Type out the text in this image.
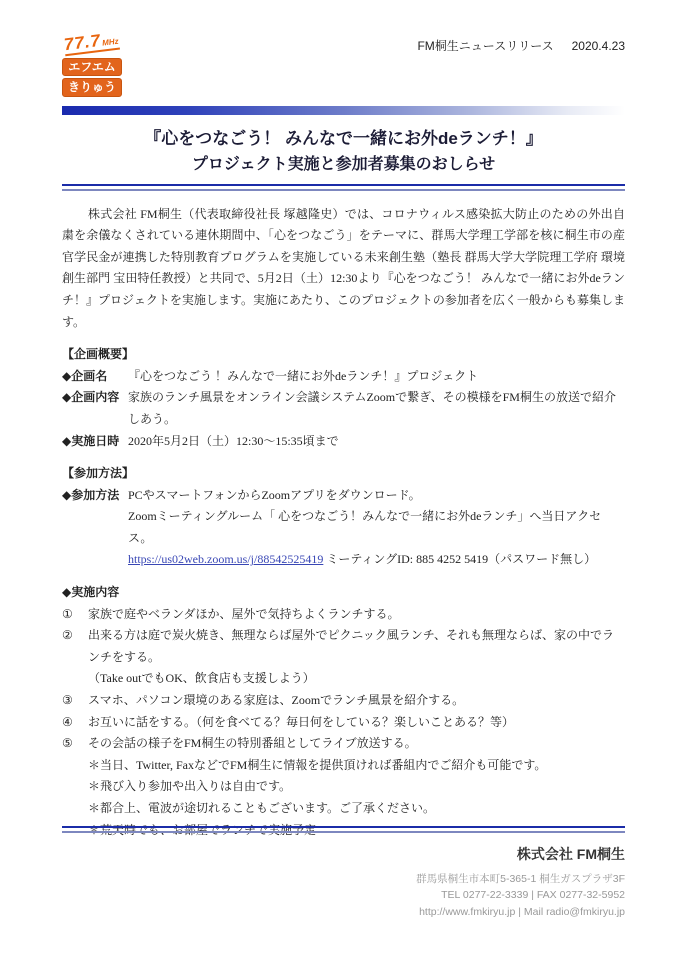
77.7MHz
エフエム
きりゅう
FM桐生ニュースリリース 2020.4.23
『心をつなごう！ みんなで一緒にお外deランチ！』
プロジェクト実施と参加者募集のおしらせ

株式会社 FM桐生（代表取締役社長 塚越隆史）では、コロナウィルス感染拡大防止のための外出自粛を余儀なくされている連休期間中、「心をつなごう」をテーマに、群馬大学理工学部を核に桐生市の産官学民金が連携した特別教育プログラムを実施している未来創生塾（塾長 群馬大学大学院理工学府 環境創生部門 宝田特任教授）と共同で、5月2日（土）12:30より『心をつなごう！ みんなで一緒にお外deランチ！』プロジェクトを実施します。実施にあたり、このプロジェクトの参加者を広く一般からも募集します。

【企画概要】
◆企画名	『心をつなごう ！みんなで一緒にお外deランチ！』プロジェクト
◆企画内容 家族のランチ風景をオンライン会議システムZoomで繋ぎ、その模様をFM桐生の放送で紹介しあう。
◆実施日時 2020年5月2日（土）12:30～15:35頃まで
【参加方法】
◆参加方法 PCやスマートフォンからZoomアプリをダウンロード。
Zoomミーティングルーム「 心をつなごう！みんなで一緒にお外deランチ」へ当日アクセス。
https://us02web.zoom.us/j/88542525419 ミーティングID: 885 4252 5419（パスワード無し）
◆実施内容
①	家族で庭やベランダほか、屋外で気持ちよくランチする。
②	出来る方は庭で炭火焼き、無理ならば屋外でピクニック風ランチ、それも無理ならば、家の中でランチをする。
（Take outでもOK、飲食店も支援しよう）
③	スマホ、パソコン環境のある家庭は、Zoomでランチ風景を紹介する。
④	お互いに話をする。（何を食べてる？毎日何をしている？楽しいことある？等）
⑤	その会話の様子をFM桐生の特別番組としてライブ放送する。
＊当日、Twitter, FaxなどでFM桐生に情報を提供頂ければ番組内でご紹介も可能です。
＊飛び入り参加や出入りは自由です。
＊都合上、電波が途切れることもございます。ご了承ください。
＊荒天時でも、お部屋でランチで実施予定
株式会社 FM桐生
群馬県桐生市本町5-365-1 桐生ガスプラザ3F
TEL 0277-22-3339 | FAX 0277-32-5952
http://www.fmkiryu.jp | Mail radio@fmkiryu.jp
